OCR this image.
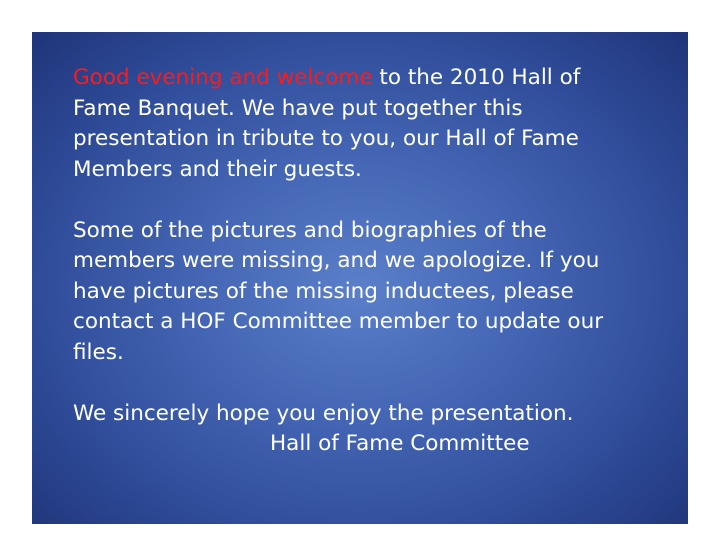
Good evening and welcome to the 2010 Hall of
Fame Banquet. We have put together this
presentation in tribute to you, our Hall of Fame
Members and their guests.
Some of the pictures and biographies of the
members were missing, and we apologize. If you
have pictures of the missing inductees, please
contact a HOF Committee member to update our
files.
We sincerely hope you enjoy the presentation.
Hall of Fame Committee
